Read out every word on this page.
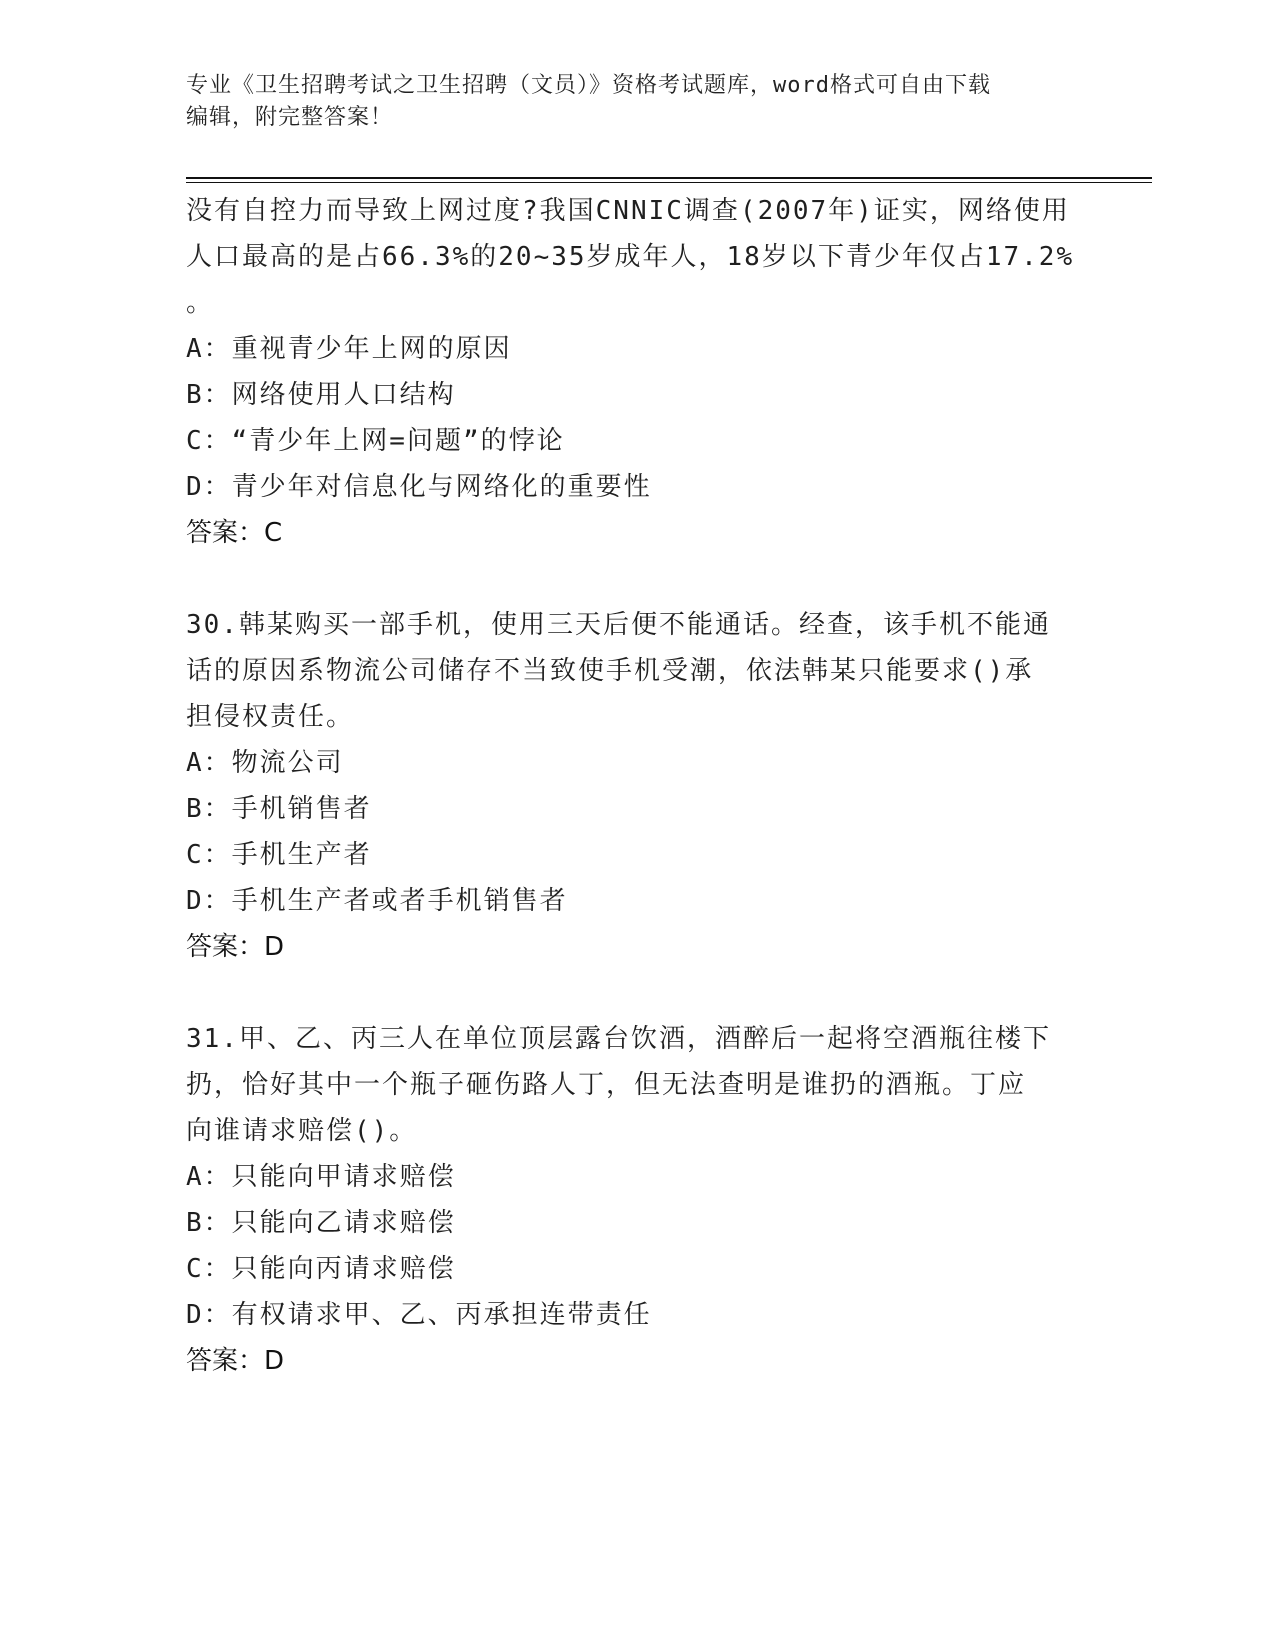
专业《卫生招聘考试之卫生招聘（文员）》资格考试题库，word格式可自由下载
编辑，附完整答案！

没有自控力而导致上网过度?我国CNNIC调查(2007年)证实，网络使用

人口最高的是占66.3%的20~35岁成年人，18岁以下青少年仅占17.2%

。

A：重视青少年上网的原因

B：网络使用人口结构

C：“青少年上网=问题”的悖论

D：青少年对信息化与网络化的重要性

答案：C

30.韩某购买一部手机，使用三天后便不能通话。经查，该手机不能通

话的原因系物流公司储存不当致使手机受潮，依法韩某只能要求()承

担侵权责任。

A：物流公司

B：手机销售者

C：手机生产者

D：手机生产者或者手机销售者

答案：D

31.甲、乙、丙三人在单位顶层露台饮酒，酒醉后一起将空酒瓶往楼下

扔，恰好其中一个瓶子砸伤路人丁，但无法查明是谁扔的酒瓶。丁应

向谁请求赔偿()。

A：只能向甲请求赔偿

B：只能向乙请求赔偿

C：只能向丙请求赔偿

D：有权请求甲、乙、丙承担连带责任

答案：D
